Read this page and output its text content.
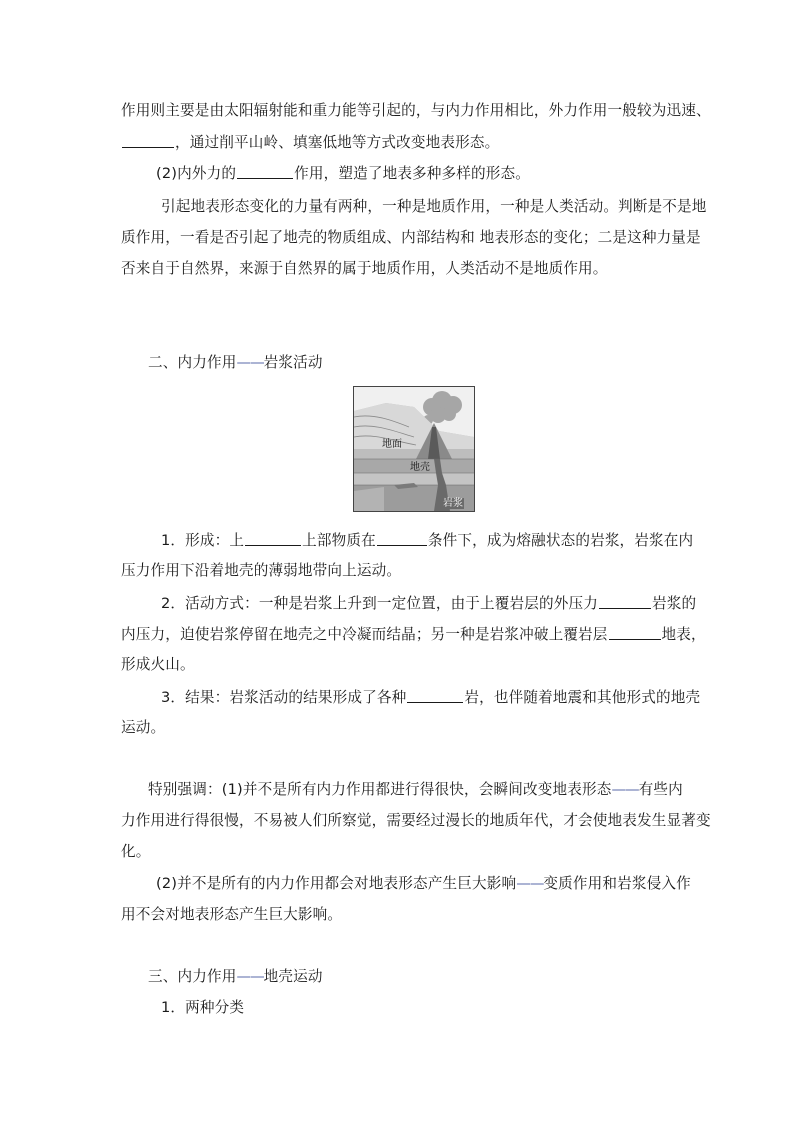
作用则主要是由太阳辐射能和重力能等引起的，与内力作用相比，外力作用一般较为迅速、
，通过削平山岭、填塞低地等方式改变地表形态。
(2)内外力的	作用，塑造了地表多种多样的形态。
引起地表形态变化的力量有两种，一种是地质作用，一种是人类活动。判断是不是地
质作用，一看是否引起了地壳的物质组成、内部结构和 地表形态的变化；二是这种力量是
否来自于自然界，来源于自然界的属于地质作用，人类活动不是地质作用。
二、内力作用——岩浆活动
地面
地壳
岩浆
1．形成：上	上部物质在	条件下，成为熔融状态的岩浆，岩浆在内
压力作用下沿着地壳的薄弱地带向上运动。
2．活动方式：一种是岩浆上升到一定位置，由于上覆岩层的外压力	岩浆的
内压力，迫使岩浆停留在地壳之中冷凝而结晶；另一种是岩浆冲破上覆岩层	地表，
形成火山。
3．结果：岩浆活动的结果形成了各种	岩，也伴随着地震和其他形式的地壳
运动。
特别强调：(1)并不是所有内力作用都进行得很快，会瞬间改变地表形态——有些内
力作用进行得很慢，不易被人们所察觉，需要经过漫长的地质年代，才会使地表发生显著变
化。
(2)并不是所有的内力作用都会对地表形态产生巨大影响——变质作用和岩浆侵入作
用不会对地表形态产生巨大影响。
三、内力作用——地壳运动
1．两种分类
